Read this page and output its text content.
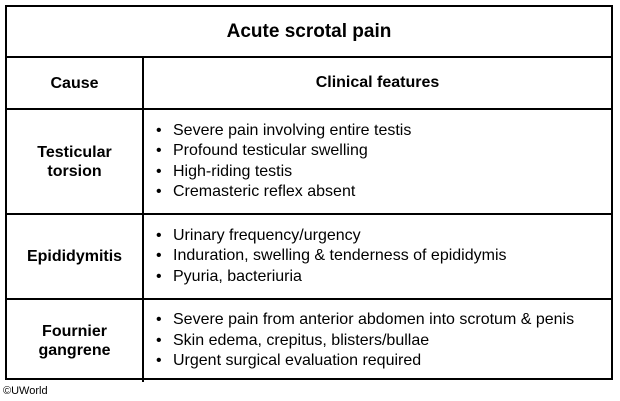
Acute scrotal pain
Cause	Clinical features
Testicular
torsion
• Severe pain involving entire testis
• Profound testicular swelling
• High-riding testis
• Cremasteric reflex absent
Epididymitis
• Urinary frequency/urgency
• Induration, swelling & tenderness of epididymis
• Pyuria, bacteriuria
Fournier
gangrene
• Severe pain from anterior abdomen into scrotum & penis
• Skin edema, crepitus, blisters/bullae
• Urgent surgical evaluation required
©UWorld
